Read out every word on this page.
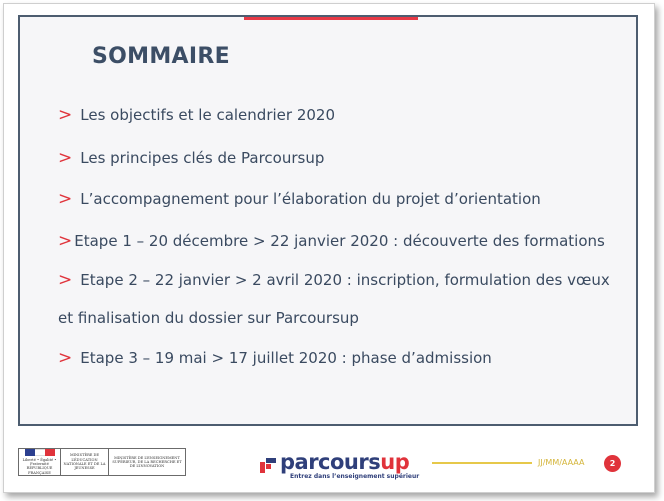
SOMMAIRE
> Les objectifs et le calendrier 2020
> Les principes clés de Parcoursup
> L’accompagnement pour l’élaboration du projet d’orientation
> Etape 1 – 20 décembre > 22 janvier 2020 : découverte des formations
> Etape 2 – 22 janvier > 2 avril 2020 : inscription, formulation des vœux
et finalisation du dossier sur Parcoursup
> Etape 3 – 19 mai > 17 juillet 2020 : phase d’admission
Liberté • Égalité • Fraternité RÉPUBLIQUE FRANÇAISE
MINISTÈRE DE L’ÉDUCATION NATIONALE ET DE LA JEUNESSE
MINISTÈRE DE L’ENSEIGNEMENT SUPÉRIEUR, DE LA RECHERCHE ET DE L’INNOVATION	parcoursup
Entrez dans l’enseignement supérieur
JJ/MM/AAAA	2
